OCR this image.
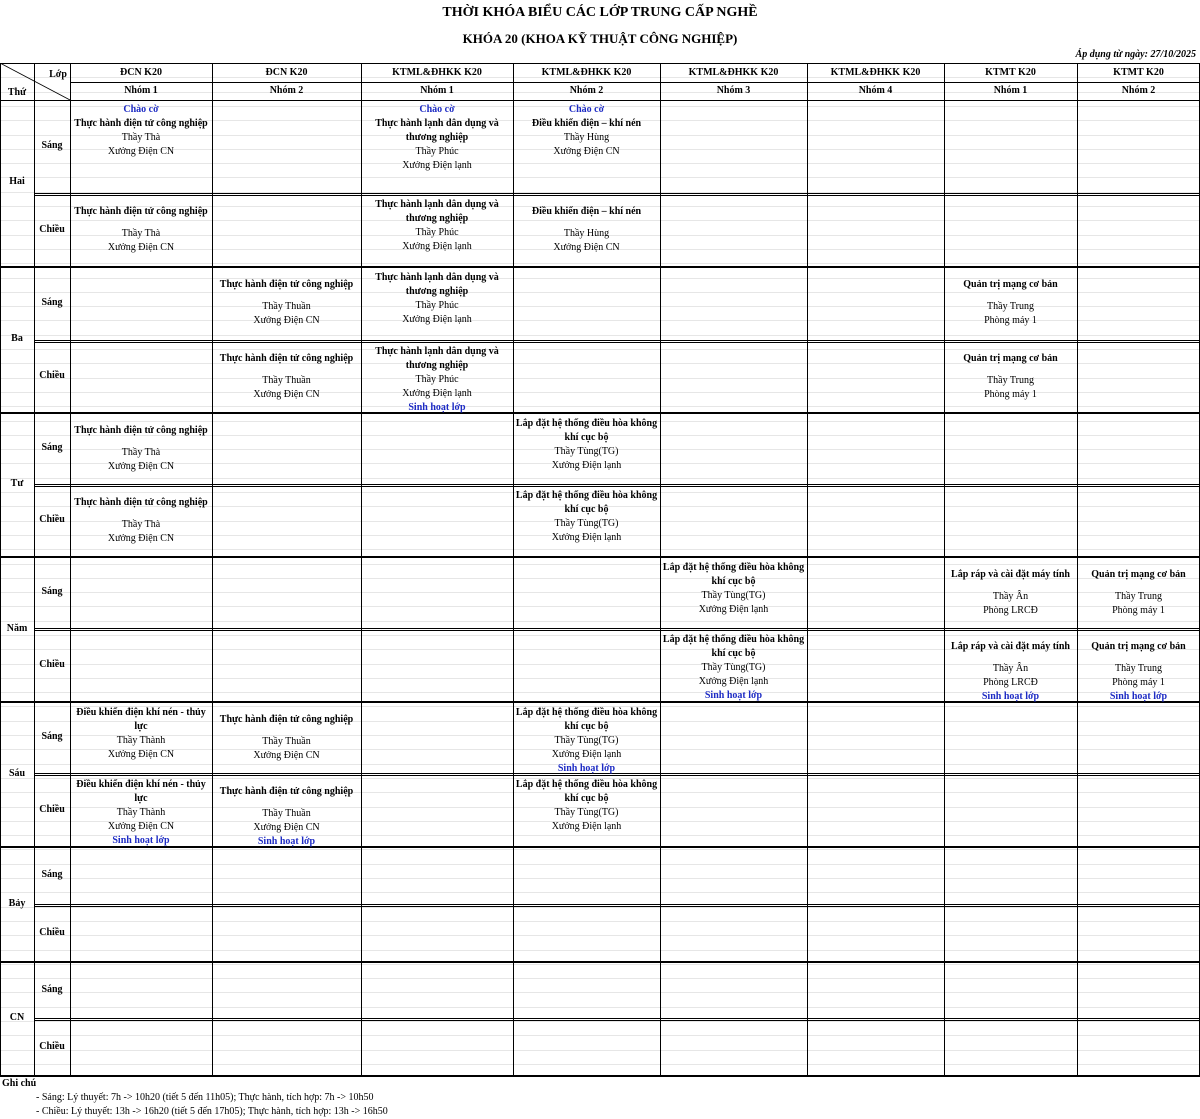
THỜI KHÓA BIỂU CÁC LỚP TRUNG CẤP NGHỀ
KHÓA 20 (KHOA KỸ THUẬT CÔNG NGHIỆP)
Áp dụng từ ngày: 27/10/2025
Lớp
Thứ
ĐCN K20
Nhóm 1
ĐCN K20
Nhóm 2
KTML&ĐHKK K20
Nhóm 1
KTML&ĐHKK K20
Nhóm 2
KTML&ĐHKK K20
Nhóm 3
KTML&ĐHKK K20
Nhóm 4
KTMT K20
Nhóm 1
KTMT K20
Nhóm 2
Hai
Sáng
Chiều
Ba
Sáng
Chiều
Tư
Sáng
Chiều
Năm
Sáng
Chiều
Sáu
Sáng
Chiều
Bảy
Sáng
Chiều
CN
Sáng
Chiều
Chào cờ
Thực hành điện tử công nghiệp
Thầy Thà
Xưởng Điện CN
Chào cờ
Thực hành lạnh dân dụng và thương nghiệp
Thầy Phúc
Xưởng Điện lạnh
Chào cờ
Điều khiển điện – khí nén
Thầy Hùng
Xưởng Điện CN
Thực hành điện tử công nghiệp
Thầy Thà
Xưởng Điện CN
Thực hành lạnh dân dụng và thương nghiệp
Thầy Phúc
Xưởng Điện lạnh
Điều khiển điện – khí nén
Thầy Hùng
Xưởng Điện CN
Thực hành điện tử công nghiệp
Thầy Thuần
Xưởng Điện CN
Thực hành lạnh dân dụng và thương nghiệp
Thầy Phúc
Xưởng Điện lạnh
Quản trị mạng cơ bản
Thầy Trung
Phòng máy 1
Thực hành điện tử công nghiệp
Thầy Thuần
Xưởng Điện CN
Thực hành lạnh dân dụng và thương nghiệp
Thầy Phúc
Xưởng Điện lạnh
Sinh hoạt lớp
Quản trị mạng cơ bản
Thầy Trung
Phòng máy 1
Thực hành điện tử công nghiệp
Thầy Thà
Xưởng Điện CN
Lắp đặt hệ thống điều hòa không khí cục bộ
Thầy Tùng(TG)
Xưởng Điện lạnh
Thực hành điện tử công nghiệp
Thầy Thà
Xưởng Điện CN
Lắp đặt hệ thống điều hòa không khí cục bộ
Thầy Tùng(TG)
Xưởng Điện lạnh
Lắp đặt hệ thống điều hòa không khí cục bộ
Thầy Tùng(TG)
Xưởng Điện lạnh
Lắp ráp và cài đặt máy tính
Thầy Ân
Phòng LRCĐ
Quản trị mạng cơ bản
Thầy Trung
Phòng máy 1
Lắp đặt hệ thống điều hòa không khí cục bộ
Thầy Tùng(TG)
Xưởng Điện lạnh
Sinh hoạt lớp
Lắp ráp và cài đặt máy tính
Thầy Ân
Phòng LRCĐ
Sinh hoạt lớp
Quản trị mạng cơ bản
Thầy Trung
Phòng máy 1
Sinh hoạt lớp
Điều khiển điện khí nén - thủy lực
Thầy Thành
Xưởng Điện CN
Thực hành điện tử công nghiệp
Thầy Thuần
Xưởng Điện CN
Lắp đặt hệ thống điều hòa không khí cục bộ
Thầy Tùng(TG)
Xưởng Điện lạnh
Sinh hoạt lớp
Điều khiển điện khí nén - thủy lực
Thầy Thành
Xưởng Điện CN
Sinh hoạt lớp
Thực hành điện tử công nghiệp
Thầy Thuần
Xưởng Điện CN
Sinh hoạt lớp
Lắp đặt hệ thống điều hòa không khí cục bộ
Thầy Tùng(TG)
Xưởng Điện lạnh
Ghi chú
- Sáng: Lý thuyết: 7h -> 10h20 (tiết 5 đến 11h05); Thực hành, tích hợp: 7h -> 10h50
- Chiều: Lý thuyết: 13h -> 16h20 (tiết 5 đến 17h05); Thực hành, tích hợp: 13h -> 16h50
